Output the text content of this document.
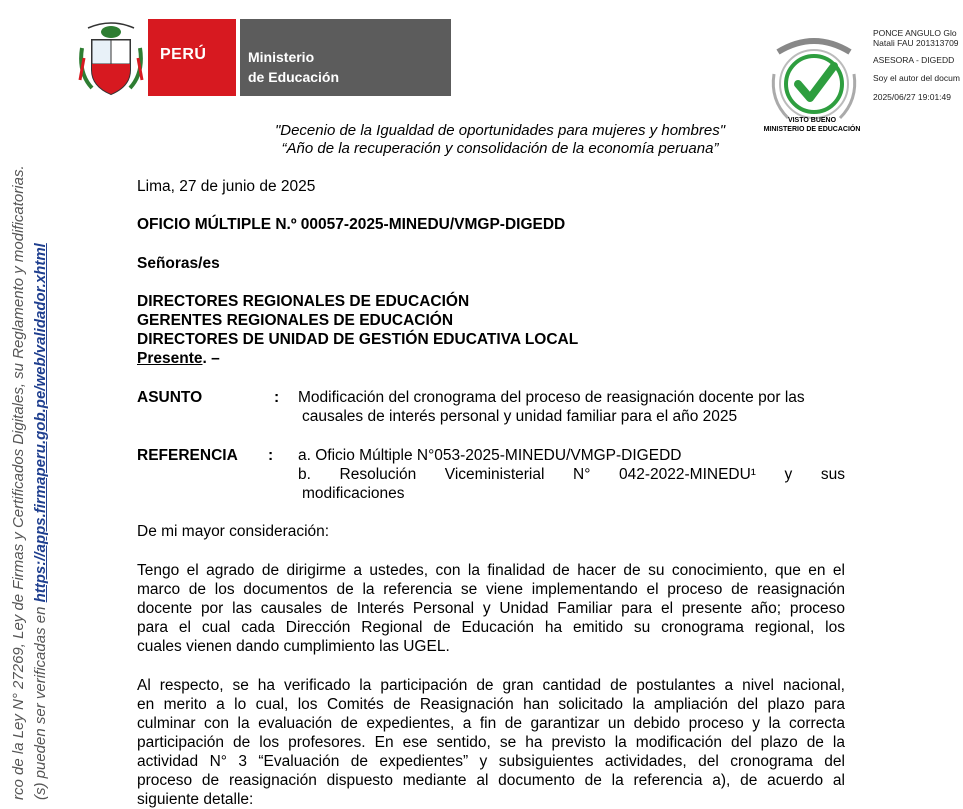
rco de la Ley N° 27269, Ley de Firmas y Certificados Digitales, su Reglamento y modificatorias. (s) pueden ser verificadas en https://apps.firmaperu.gob.pe/web/validador.xhtml
PERÚ	Ministerio
de Educación
VISTO BUENO
MINISTERIO DE EDUCACIÓN
PONCE ANGULO Glo
Natali FAU 201313709
ASESORA - DIGEDD
Soy el autor del docum
2025/06/27 19:01:49
"Decenio de la Igualdad de oportunidades para mujeres y hombres"
“Año de la recuperación y consolidación de la economía peruana”
Lima, 27 de junio de 2025
OFICIO MÚLTIPLE N.º 00057-2025-MINEDU/VMGP-DIGEDD
Señoras/es
DIRECTORES REGIONALES DE EDUCACIÓN
GERENTES REGIONALES DE EDUCACIÓN
DIRECTORES DE UNIDAD DE GESTIÓN EDUCATIVA LOCAL
Presente. –
ASUNTO	: Modificación del cronograma del proceso de reasignación docente por las
causales de interés personal y unidad familiar para el año 2025
REFERENCIA : a. Oficio Múltiple N°053-2025-MINEDU/VMGP-DIGEDD
b. Resolución Viceministerial N° 042-2022-MINEDU¹ y sus
modificaciones
De mi mayor consideración:
Tengo el agrado de dirigirme a ustedes, con la finalidad de hacer de su conocimiento, que en el
marco de los documentos de la referencia se viene implementando el proceso de reasignación
docente por las causales de Interés Personal y Unidad Familiar para el presente año; proceso
para el cual cada Dirección Regional de Educación ha emitido su cronograma regional, los
cuales vienen dando cumplimiento las UGEL.
Al respecto, se ha verificado la participación de gran cantidad de postulantes a nivel nacional,
en merito a lo cual, los Comités de Reasignación han solicitado la ampliación del plazo para
culminar con la evaluación de expedientes, a fin de garantizar un debido proceso y la correcta
participación de los profesores. En ese sentido, se ha previsto la modificación del plazo de la
actividad N° 3 “Evaluación de expedientes” y subsiguientes actividades, del cronograma del
proceso de reasignación dispuesto mediante al documento de la referencia a), de acuerdo al
siguiente detalle:
